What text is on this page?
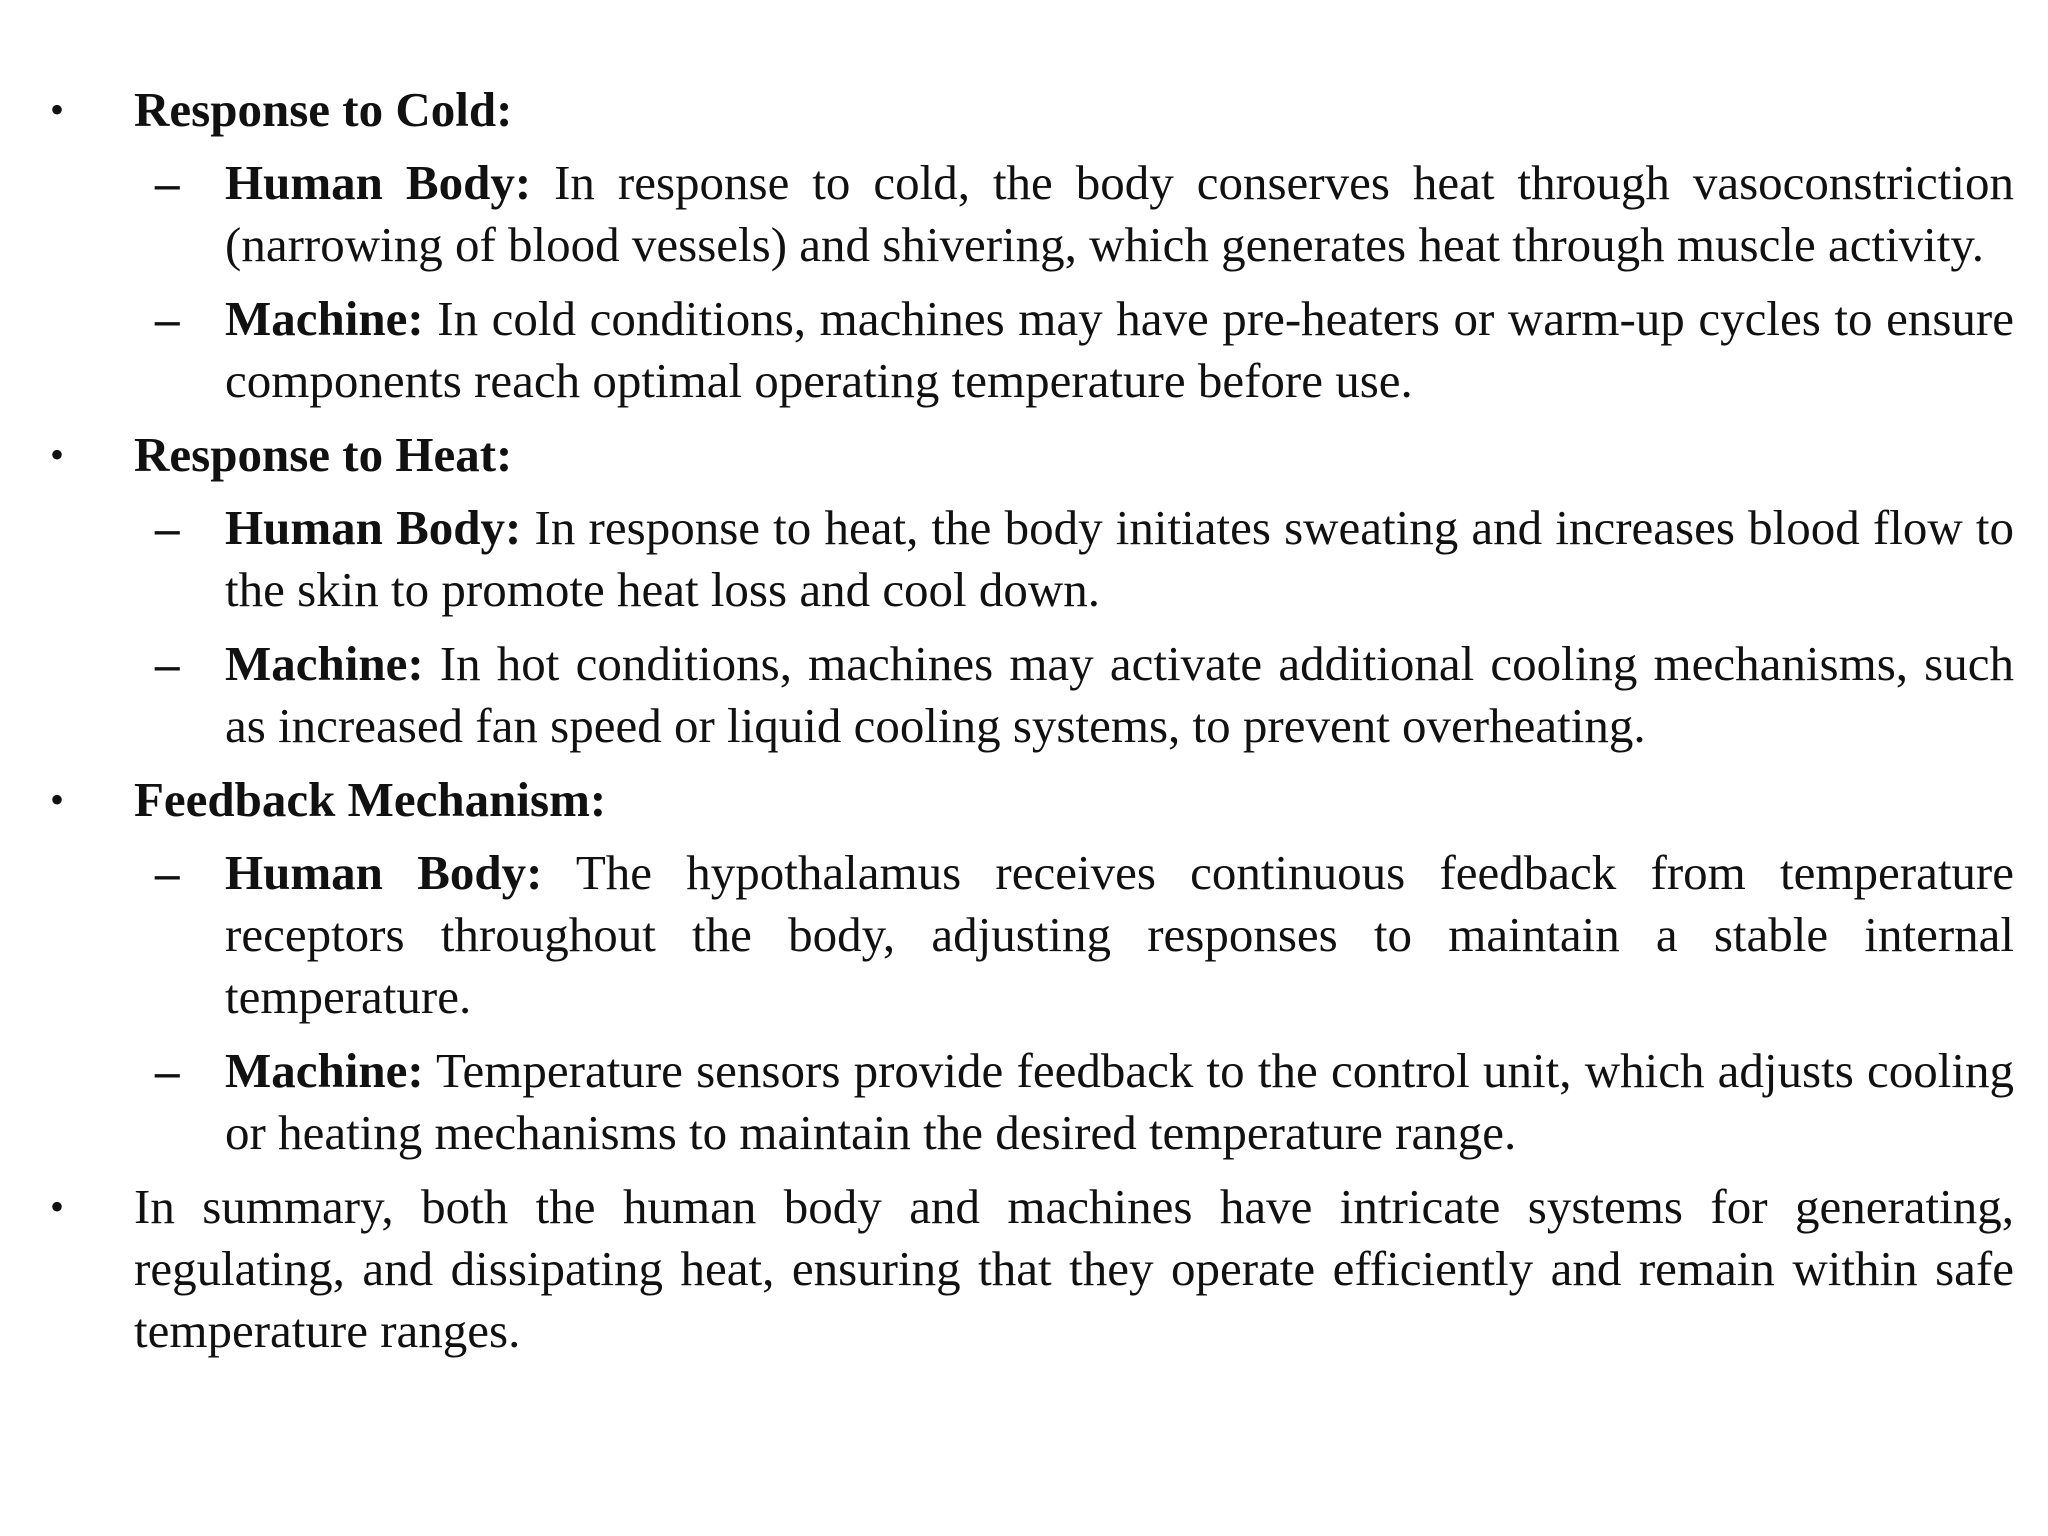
• Response to Cold:
– Human Body: In response to cold, the body conserves heat through vasoconstriction (narrowing of blood vessels) and shivering, which generates heat through muscle activity.
– Machine: In cold conditions, machines may have pre-heaters or warm-up cycles to ensure components reach optimal operating temperature before use.
• Response to Heat:
– Human Body: In response to heat, the body initiates sweating and increases blood flow to the skin to promote heat loss and cool down.
– Machine: In hot conditions, machines may activate additional cooling mechanisms, such as increased fan speed or liquid cooling systems, to prevent overheating.
• Feedback Mechanism:
– Human Body: The hypothalamus receives continuous feedback from temperature receptors throughout the body, adjusting responses to maintain a stable internal temperature.
– Machine: Temperature sensors provide feedback to the control unit, which adjusts cooling or heating mechanisms to maintain the desired temperature range.
• In summary, both the human body and machines have intricate systems for generating, regulating, and dissipating heat, ensuring that they operate efficiently and remain within safe temperature ranges.
